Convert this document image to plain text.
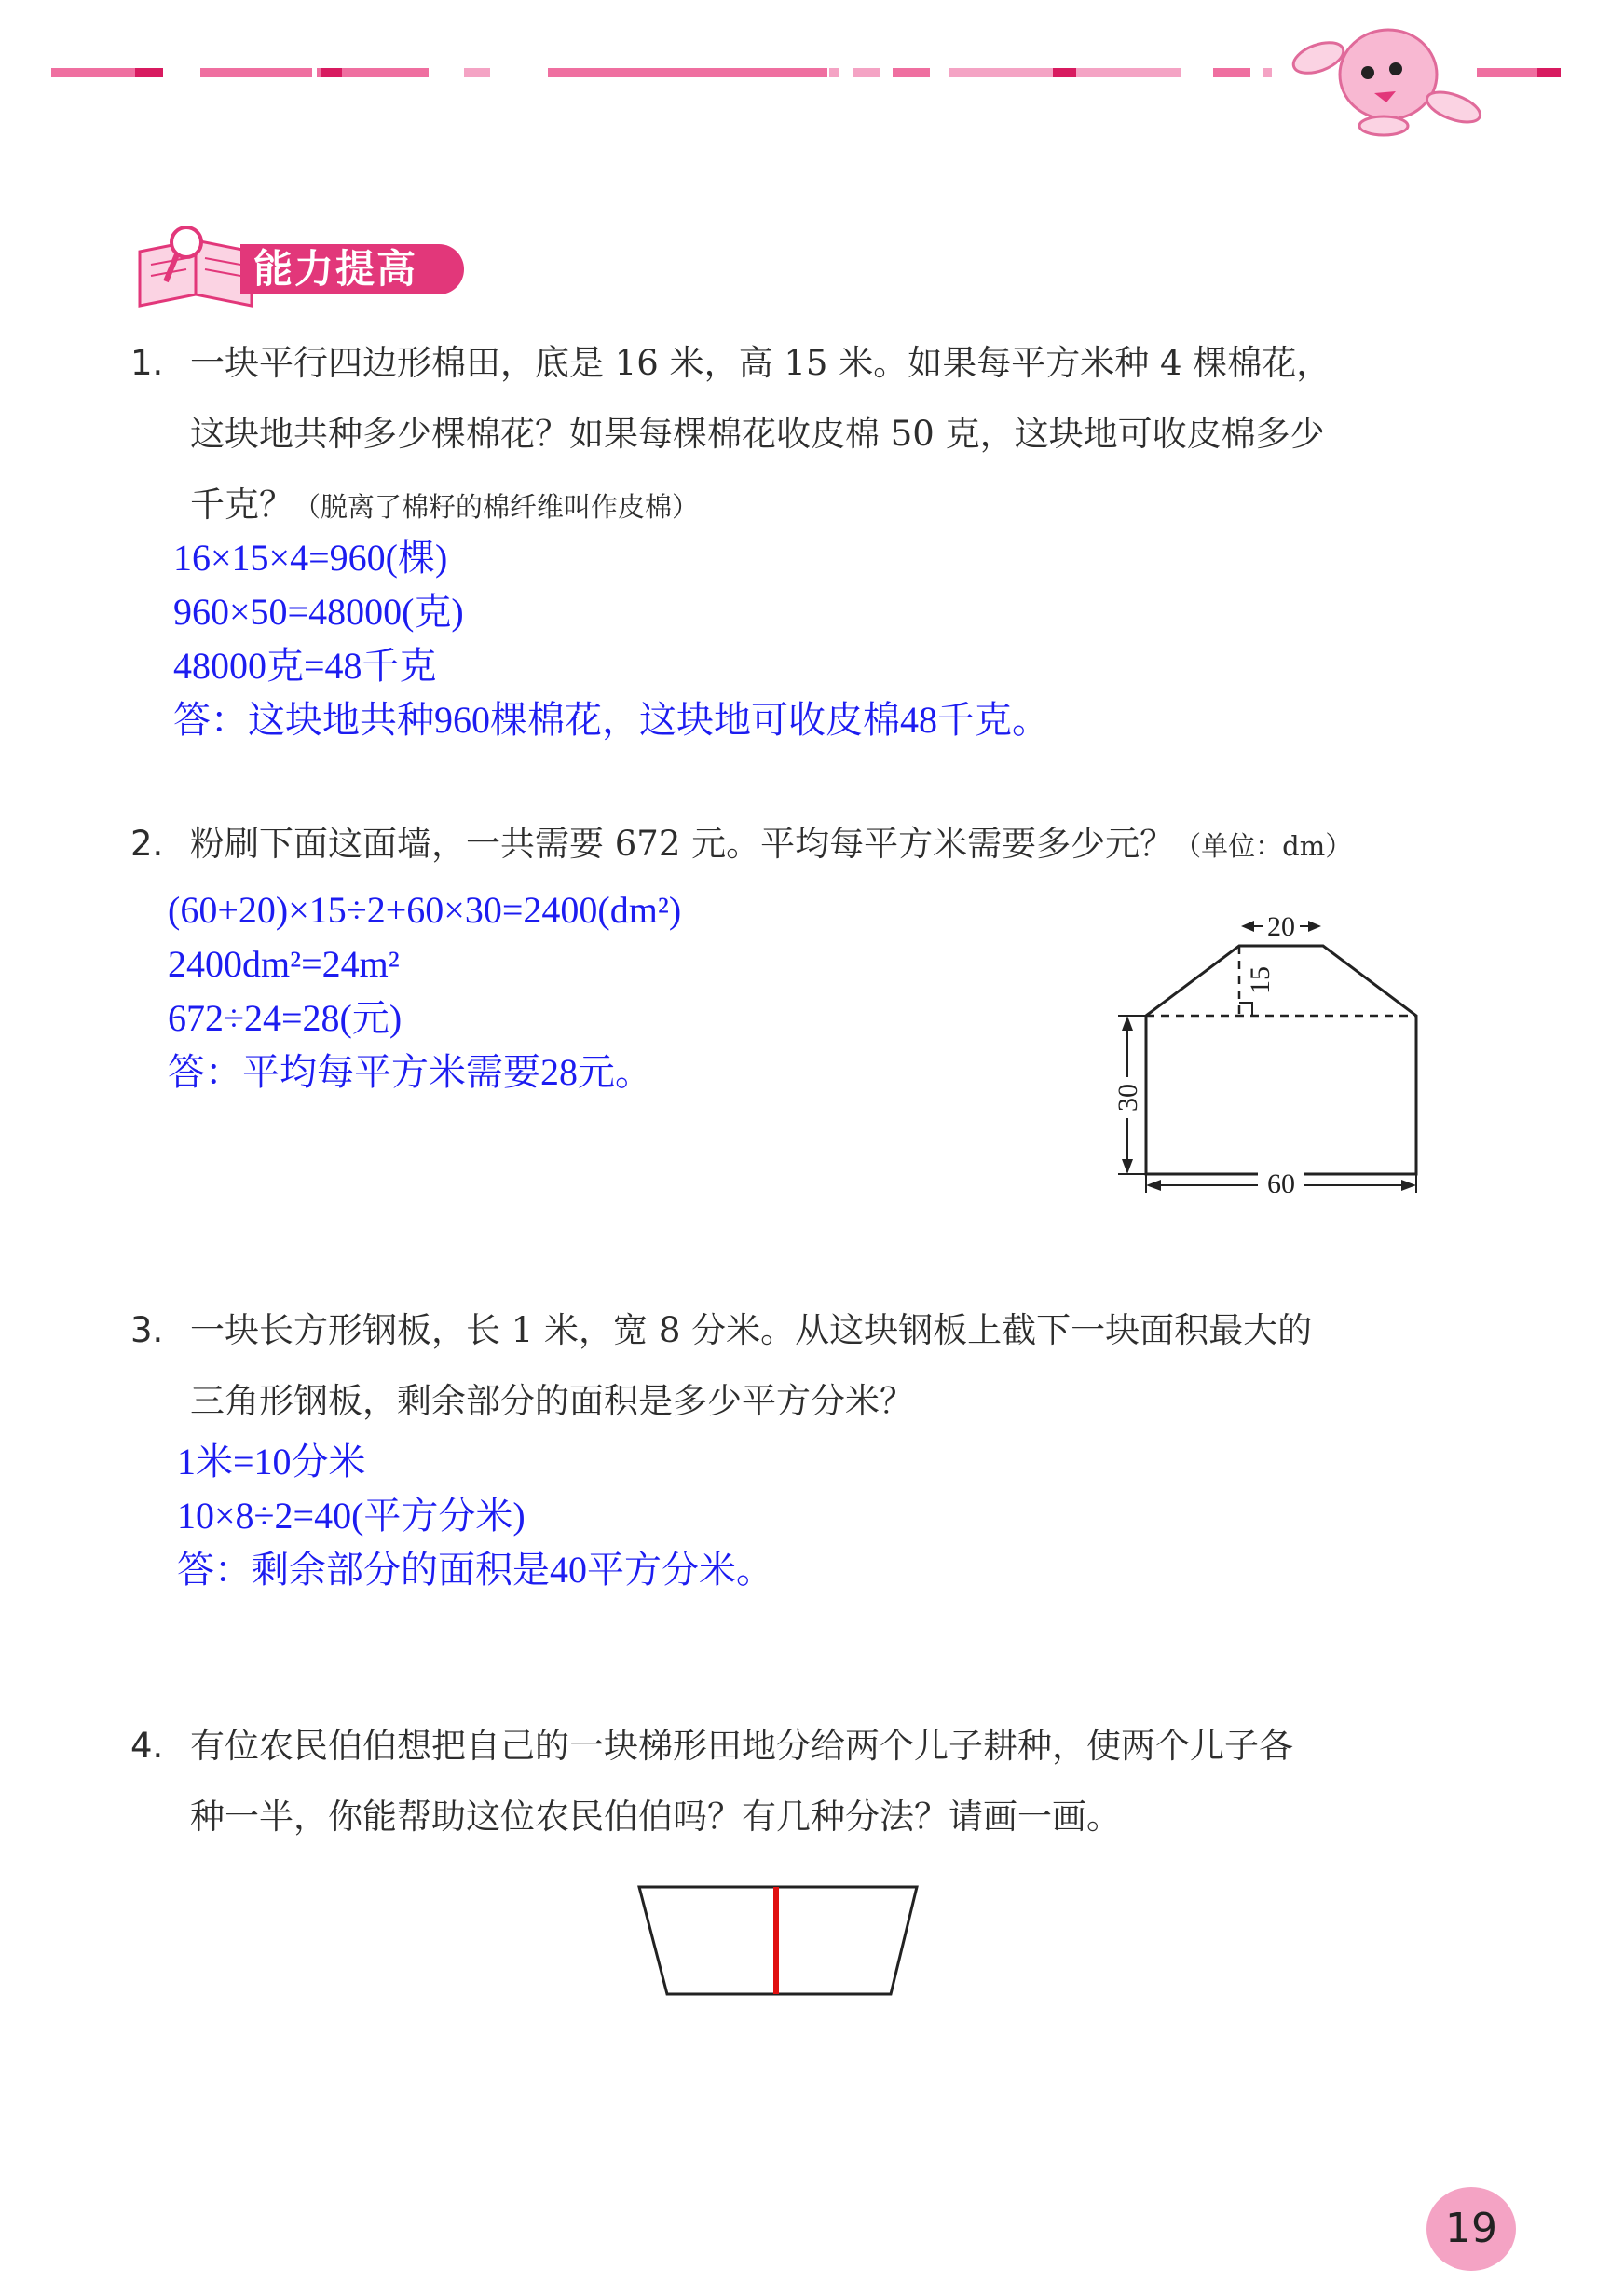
能力提高
1. 一块平行四边形棉田，底是 16 米，高 15 米。如果每平方米种 4 棵棉花，
这块地共种多少棵棉花？如果每棵棉花收皮棉 50 克，这块地可收皮棉多少
千克？（脱离了棉籽的棉纤维叫作皮棉）
16×15×4=960(棵)
960×50=48000(克)
48000克=48千克
答：这块地共种960棵棉花，这块地可收皮棉48千克。
2. 粉刷下面这面墙，一共需要 672 元。平均每平方米需要多少元？（单位：dm）
(60+20)×15÷2+60×30=2400(dm²)
2400dm²=24m²
672÷24=28(元)
答：平均每平方米需要28元。
20
15
30
60
3. 一块长方形钢板，长 1 米，宽 8 分米。从这块钢板上截下一块面积最大的
三角形钢板，剩余部分的面积是多少平方分米？
1米=10分米
10×8÷2=40(平方分米)
答：剩余部分的面积是40平方分米。
4. 有位农民伯伯想把自己的一块梯形田地分给两个儿子耕种，使两个儿子各
种一半，你能帮助这位农民伯伯吗？有几种分法？请画一画。
19
